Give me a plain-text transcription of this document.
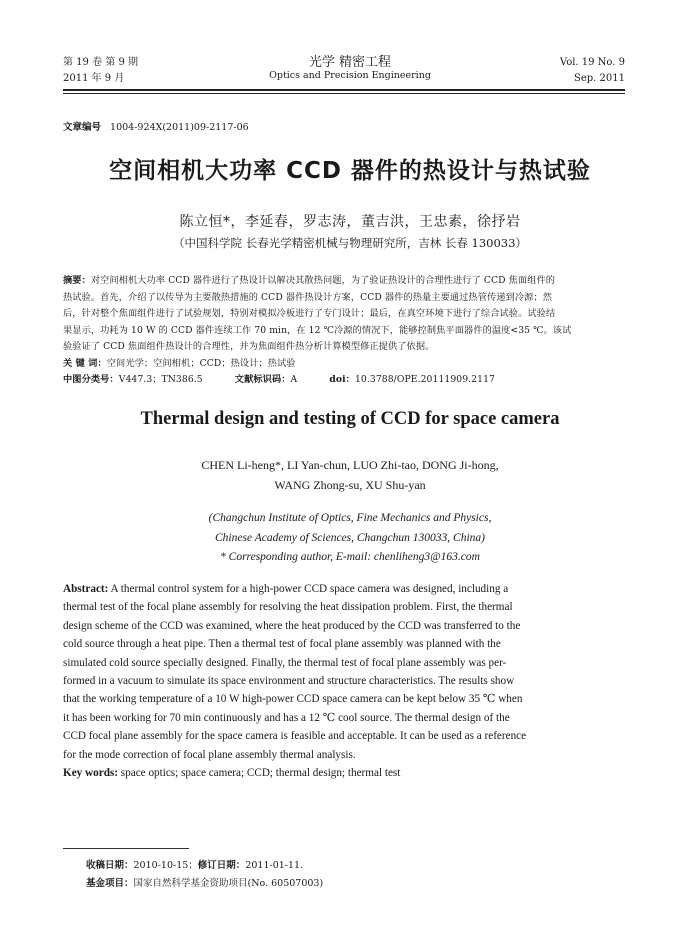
第 19 卷 第 9 期
2011 年 9 月
光学 精密工程
Optics and Precision Engineering
Vol. 19 No. 9
Sep. 2011
文章编号 1004-924X(2011)09-2117-06
空间相机大功率 CCD 器件的热设计与热试验
陈立恒*，李延春，罗志涛，董吉洪，王忠素，徐抒岩
（中国科学院 长春光学精密机械与物理研究所，吉林 长春 130033）
摘要：对空间相机大功率 CCD 器件进行了热设计以解决其散热问题，为了验证热设计的合理性进行了 CCD 焦面组件的
热试验。首先，介绍了以传导为主要散热措施的 CCD 器件热设计方案，CCD 器件的热量主要通过热管传递到冷源；然
后，针对整个焦面组件进行了试验规划，特别对模拟冷板进行了专门设计；最后，在真空环境下进行了综合试验。试验结
果显示，功耗为 10 W 的 CCD 器件连续工作 70 min，在 12 ℃冷源的情况下，能够控制焦平面器件的温度<35 ℃。该试
验验证了 CCD 焦面组件热设计的合理性，并为焦面组件热分析计算模型修正提供了依据。
关 键 词：空间光学；空间相机；CCD；热设计；热试验
中图分类号：V447.3；TN386.5	文献标识码：A	doi：10.3788/OPE.20111909.2117
Thermal design and testing of CCD for space camera
CHEN Li-heng*, LI Yan-chun, LUO Zhi-tao, DONG Ji-hong,
WANG Zhong-su, XU Shu-yan
(Changchun Institute of Optics, Fine Mechanics and Physics,
Chinese Academy of Sciences, Changchun 130033, China)
* Corresponding author, E-mail: chenliheng3@163.com
Abstract: A thermal control system for a high-power CCD space camera was designed, including a
thermal test of the focal plane assembly for resolving the heat dissipation problem. First, the thermal
design scheme of the CCD was examined, where the heat produced by the CCD was transferred to the
cold source through a heat pipe. Then a thermal test of focal plane assembly was planned with the
simulated cold source specially designed. Finally, the thermal test of focal plane assembly was per-
formed in a vacuum to simulate its space environment and structure characteristics. The results show
that the working temperature of a 10 W high-power CCD space camera can be kept below 35 ℃ when
it has been working for 70 min continuously and has a 12 ℃ cool source. The thermal design of the
CCD focal plane assembly for the space camera is feasible and acceptable. It can be used as a reference
for the mode correction of focal plane assembly thermal analysis.
Key words: space optics; space camera; CCD; thermal design; thermal test
收稿日期：2010-10-15；修订日期：2011-01-11.
基金项目：国家自然科学基金资助项目(No. 60507003)
